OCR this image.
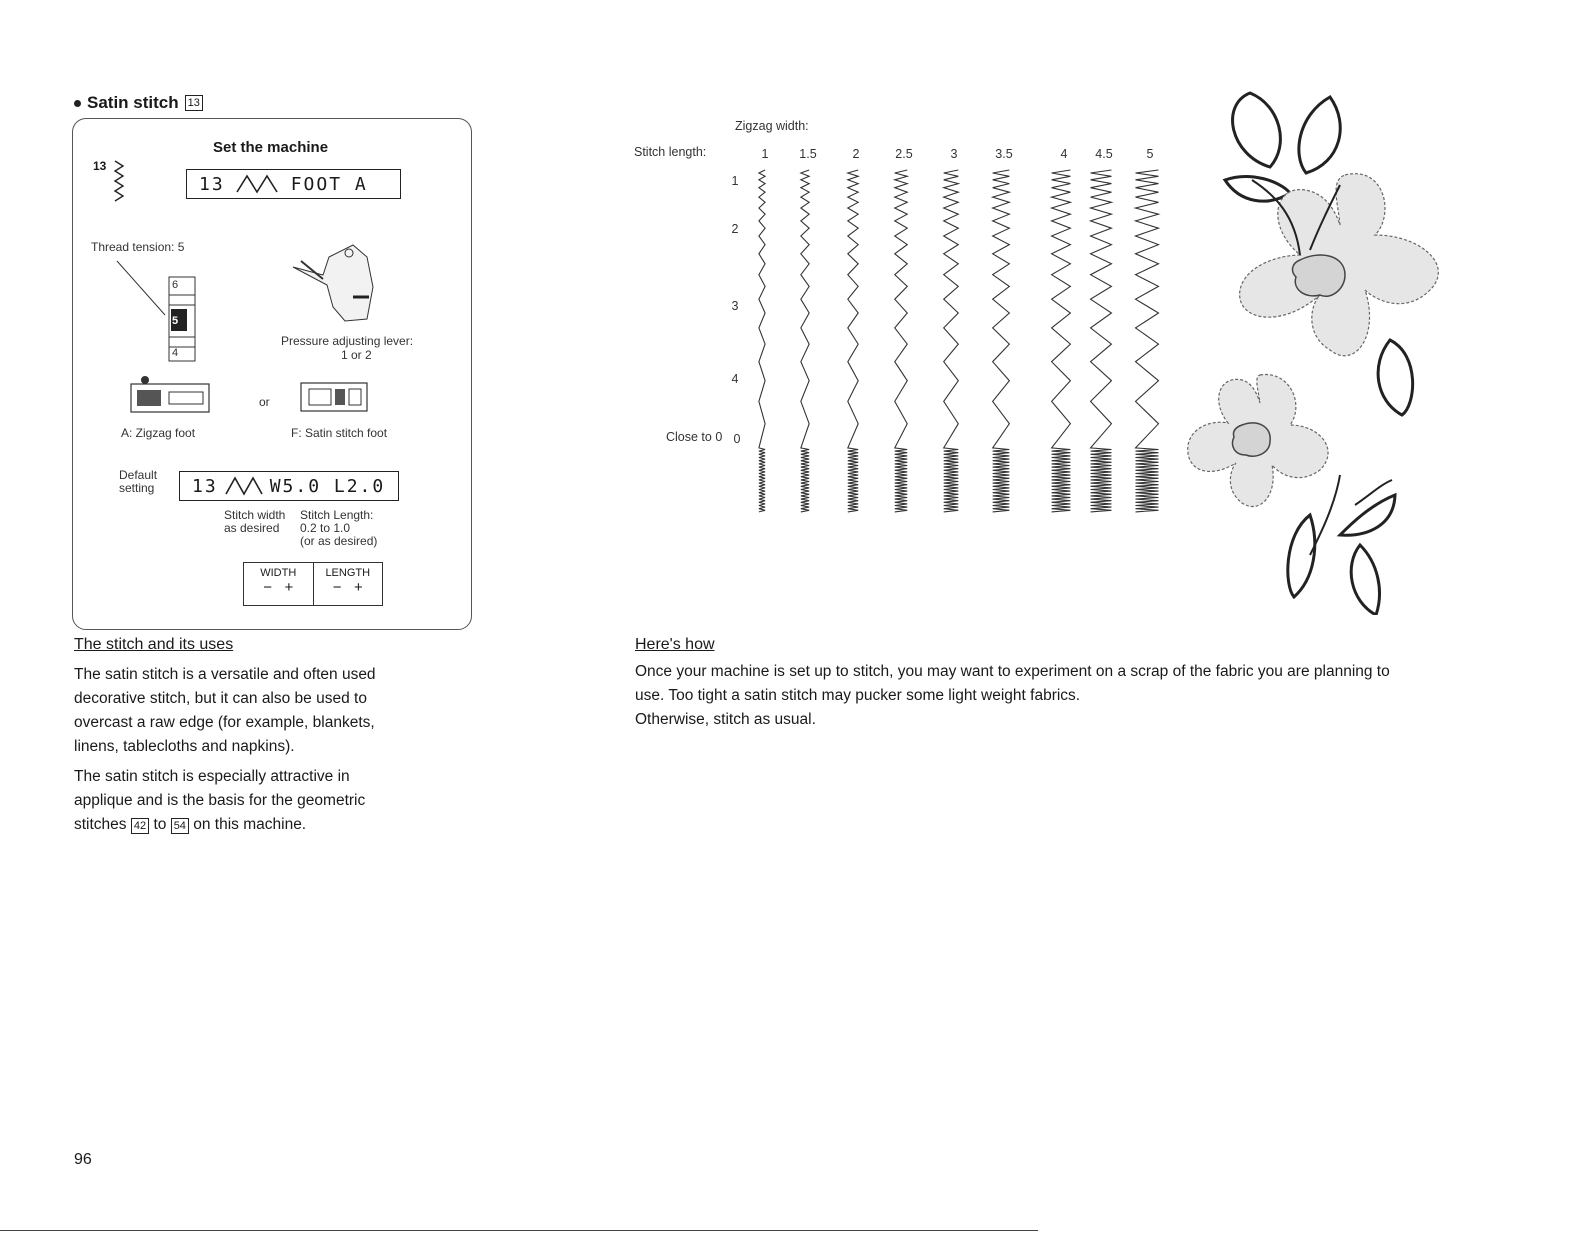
Satin stitch 13
Set the machine
13
13	FOOT A
Thread tension: 5
6
5
4
Pressure adjusting lever:
1 or 2
or
A: Zigzag foot	F: Satin stitch foot
Default
setting 13	W5.0 L2.0
Stitch width
as desired
Stitch Length:
0.2 to 1.0
(or as desired)
WIDTH
− +
LENGTH
− +
The stitch and its uses
The satin stitch is a versatile and often used
decorative stitch, but it can also be used to
overcast a raw edge (for example, blankets,
linens, tablecloths and napkins).
The satin stitch is especially attractive in
applique and is the basis for the geometric
stitches 42 to 54 on this machine.
Zigzag width:
Stitch length:
Close to 0
1 1.5	2	2.5	3	3.5	4 4.5	5
1
2
3
4
0
Here's how
Once your machine is set up to stitch, you may want to experiment on a scrap of the fabric you are planning to
use. Too tight a satin stitch may pucker some light weight fabrics.
Otherwise, stitch as usual.
96
